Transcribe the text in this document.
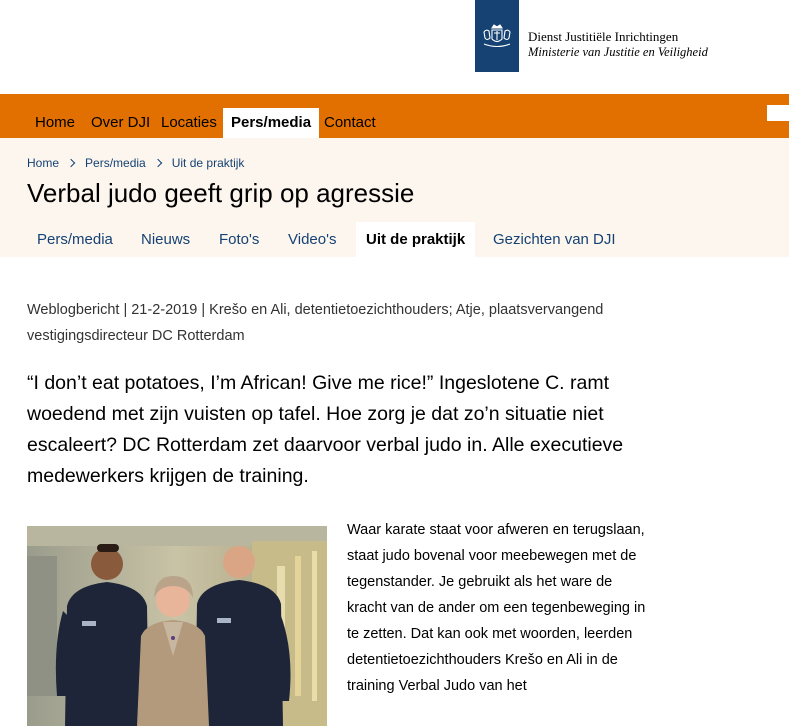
Dienst Justitiële Inrichtingen
Ministerie van Justitie en Veiligheid
Home	Over DJI Locaties Pers/media Contact
Home Pers/media Uit de praktijk
Verbal judo geeft grip op agressie
Pers/media	Nieuws	Foto's	Video's	Uit de praktijk	Gezichten van DJI
Weblogbericht | 21-2-2019 | Krešo en Ali, detentietoezichthouders; Atje, plaatsvervangend vestigingsdirecteur DC Rotterdam
“I don’t eat potatoes, I’m African! Give me rice!” Ingeslotene C. ramt woedend met zijn vuisten op tafel. Hoe zorg je dat zo’n situatie niet escaleert? DC Rotterdam zet daarvoor verbal judo in. Alle executieve medewerkers krijgen de training.
Waar karate staat voor afweren en terugslaan, staat judo bovenal voor meebewegen met de tegenstander. Je gebruikt als het ware de kracht van de ander om een tegenbeweging in te zetten. Dat kan ook met woorden, leerden detentietoezichthouders Krešo en Ali in de training Verbal Judo van het
